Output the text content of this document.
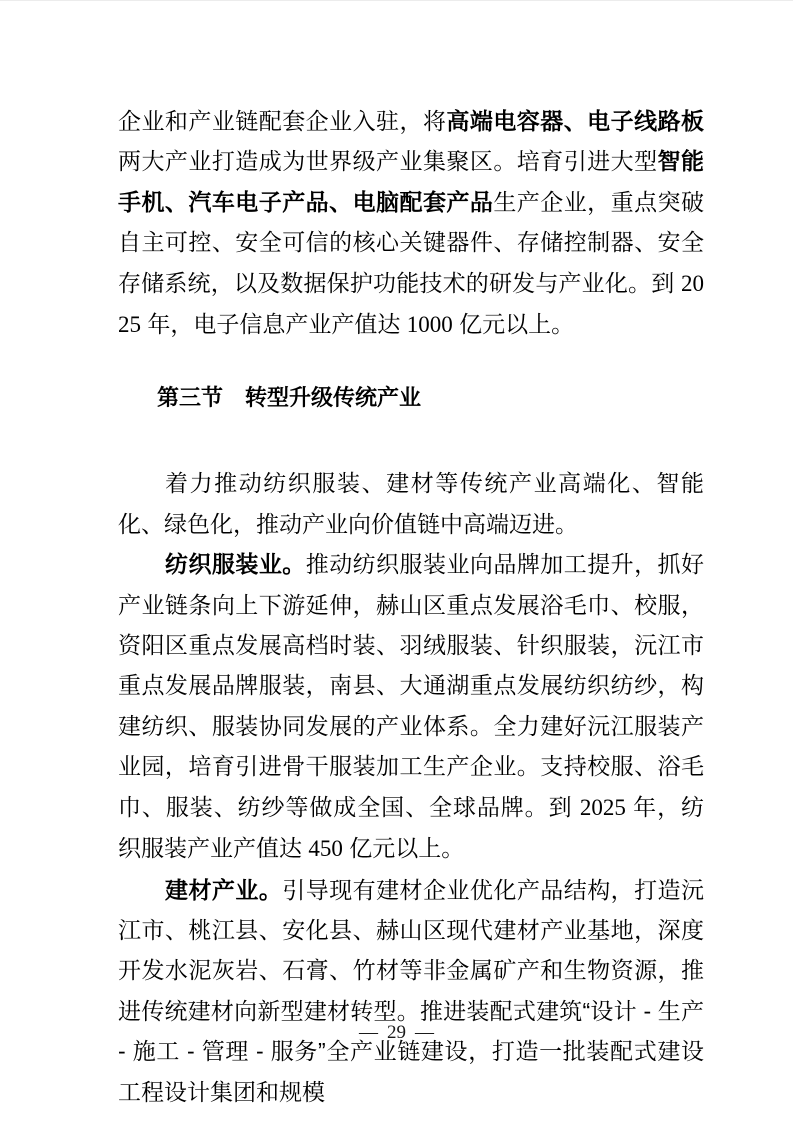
企业和产业链配套企业入驻，将高端电容器、电子线路板两大产业打造成为世界级产业集聚区。培育引进大型智能手机、汽车电子产品、电脑配套产品生产企业，重点突破自主可控、安全可信的核心关键器件、存储控制器、安全存储系统，以及数据保护功能技术的研发与产业化。到 2025 年，电子信息产业产值达 1000 亿元以上。

第三节　转型升级传统产业

着力推动纺织服装、建材等传统产业高端化、智能化、绿色化，推动产业向价值链中高端迈进。

纺织服装业。推动纺织服装业向品牌加工提升，抓好产业链条向上下游延伸，赫山区重点发展浴毛巾、校服，资阳区重点发展高档时装、羽绒服装、针织服装，沅江市重点发展品牌服装，南县、大通湖重点发展纺织纺纱，构建纺织、服装协同发展的产业体系。全力建好沅江服装产业园，培育引进骨干服装加工生产企业。支持校服、浴毛巾、服装、纺纱等做成全国、全球品牌。到 2025 年，纺织服装产业产值达 450 亿元以上。

建材产业。引导现有建材企业优化产品结构，打造沅江市、桃江县、安化县、赫山区现代建材产业基地，深度开发水泥灰岩、石膏、竹材等非金属矿产和生物资源，推进传统建材向新型建材转型。推进装配式建筑“设计 - 生产 - 施工 - 管理 - 服务”全产业链建设，打造一批装配式建设工程设计集团和规模

— 29 —
